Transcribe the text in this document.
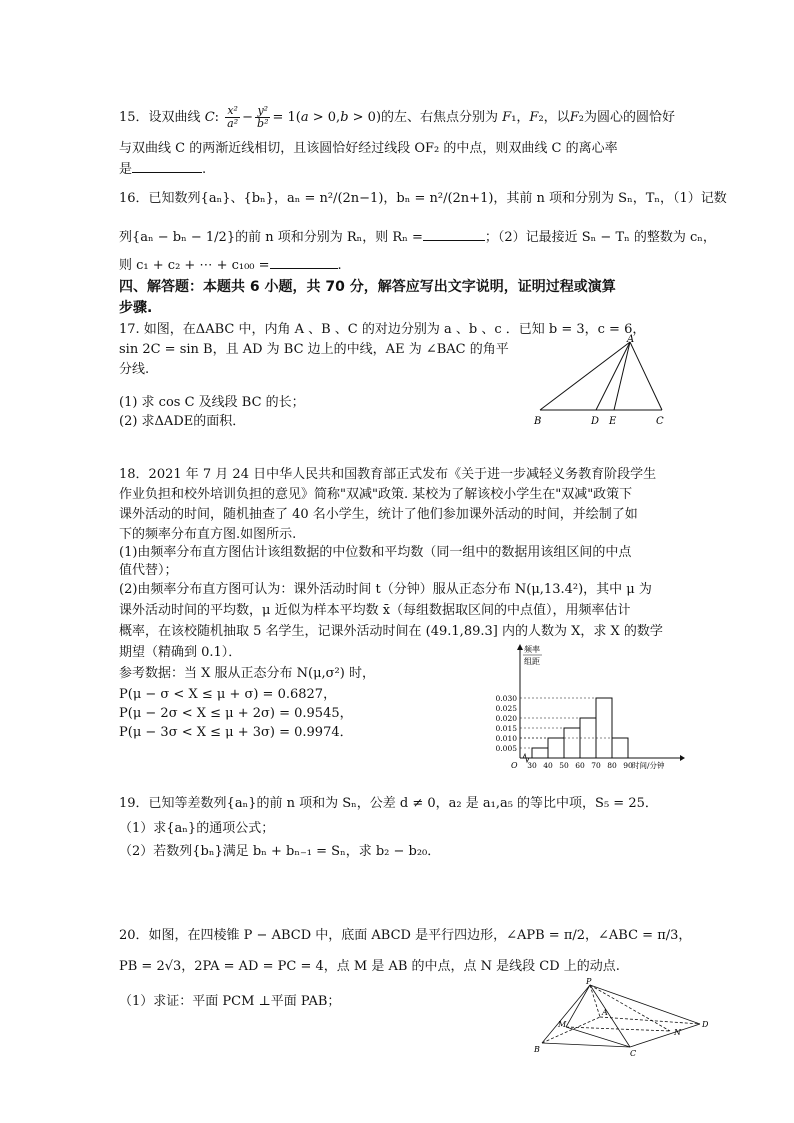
15．设双曲线 C: $\frac{\text{x²}}{\text{a²}} - \frac{\text{y²}}{\text{b²}} = 1(a > 0,b > 0)$的左、右焦点分别为 F₁，F₂，以F₂为圆心的圆恰好
与双曲线 C 的两渐近线相切，且该圆恰好经过线段 OF₂ 的中点，则双曲线 C 的离心率
是	.
16．已知数列{aₙ}、{bₙ}，aₙ = n²/(2n−1)，bₙ = n²/(2n+1)，其前 n 项和分别为 Sₙ，Tₙ，（1）记数
列{aₙ − bₙ − 1/2}的前 n 项和分别为 Rₙ，则 Rₙ =	；（2）记最接近 Sₙ − Tₙ 的整数为 cₙ，
则 c₁ + c₂ + ⋯ + c₁₀₀ =	.
四、解答题：本题共 6 小题，共 70 分，解答应写出文字说明，证明过程或演算
步骤.
17. 如图，在ΔABC 中，内角 A 、B 、C 的对边分别为 a 、b 、c ．已知 b = 3，c = 6，
sin 2C = sin B，且 AD 为 BC 边上的中线，AE 为 ∠BAC 的角平
分线.
(1) 求 cos C 及线段 BC 的长；
(2) 求ΔADE的面积．
A
B	D E	C
18．2021 年 7 月 24 日中华人民共和国教育部正式发布《关于进一步减轻义务教育阶段学生
作业负担和校外培训负担的意见》简称"双减"政策. 某校为了解该校小学生在"双减"政策下
课外活动的时间，随机抽查了 40 名小学生，统计了他们参加课外活动的时间，并绘制了如
下的频率分布直方图.如图所示.
(1)由频率分布直方图估计该组数据的中位数和平均数（同一组中的数据用该组区间的中点
值代替）；
(2)由频率分布直方图可认为：课外活动时间 t（分钟）服从正态分布 N(μ,13.4²)，其中 μ 为
课外活动时间的平均数，μ 近似为样本平均数 x̄（每组数据取区间的中点值），用频率估计
概率，在该校随机抽取 5 名学生，记课外活动时间在 (49.1,89.3] 内的人数为 X，求 X 的数学
期望（精确到 0.1）．
参考数据：当 X 服从正态分布 N(μ,σ²) 时，
P(μ − σ < X ≤ μ + σ) = 0.6827，
P(μ − 2σ < X ≤ μ + 2σ) = 0.9545，
P(μ − 3σ < X ≤ μ + 3σ) = 0.9974．
0.005
0.010
0.015
0.020
0.025
0.030
30 40 50 60 70 80 90
O
频率
组距
时间/分钟
19．已知等差数列{aₙ}的前 n 项和为 Sₙ，公差 d ≠ 0，a₂ 是 a₁,a₅ 的等比中项，S₅ = 25．
（1）求{aₙ}的通项公式；
（2）若数列{bₙ}满足 bₙ + bₙ₋₁ = Sₙ，求 b₂ − b₂₀．
20．如图，在四棱锥 P − ABCD 中，底面 ABCD 是平行四边形，∠APB = π/2，∠ABC = π/3，
PB = 2√3，2PA = AD = PC = 4，点 M 是 AB 的中点，点 N 是线段 CD 上的动点.
（1）求证：平面 PCM ⊥平面 PAB；
P
B	C
D
A
M
N
